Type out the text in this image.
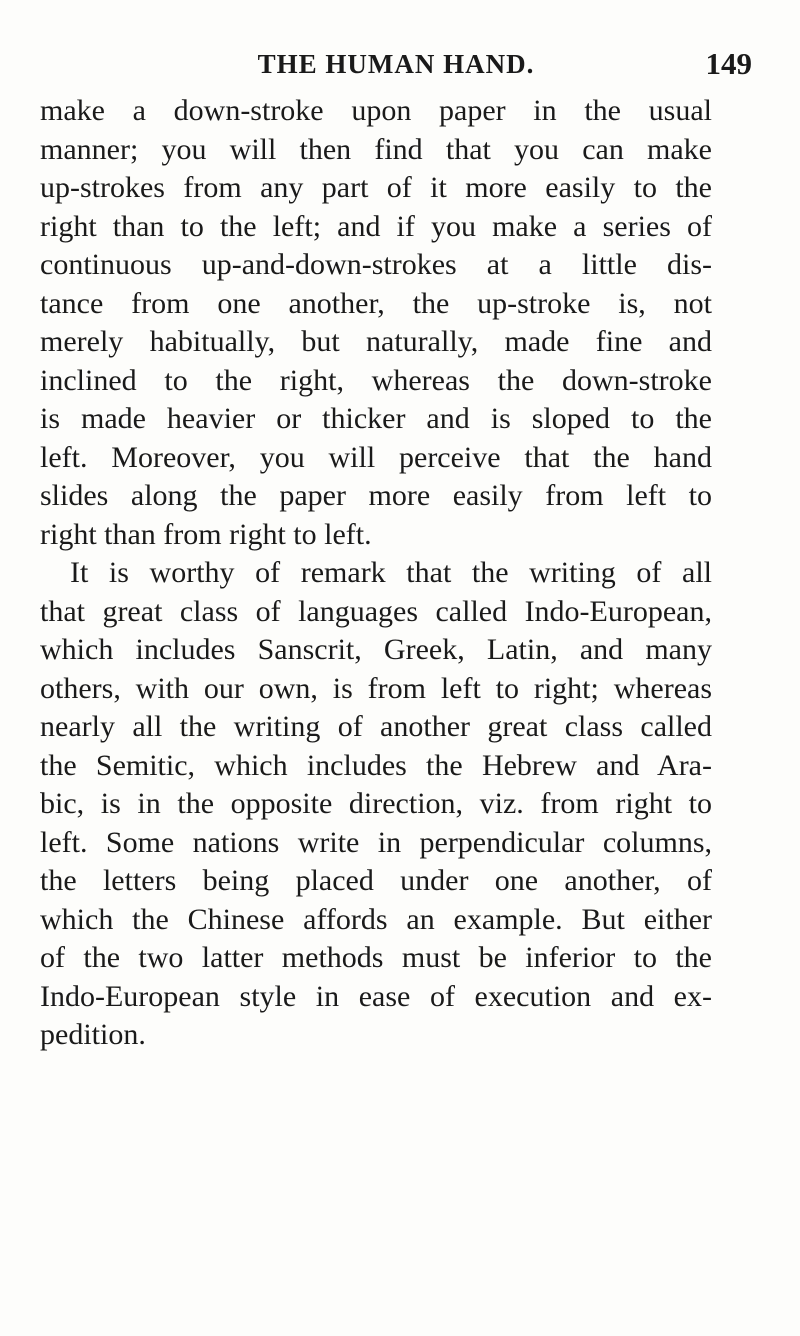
THE HUMAN HAND.	149
make a down-stroke upon paper in the usual
manner; you will then find that you can make
up-strokes from any part of it more easily to the
right than to the left; and if you make a series of
continuous up-and-down-strokes at a little dis-
tance from one another, the up-stroke is, not
merely habitually, but naturally, made fine and
inclined to the right, whereas the down-stroke
is made heavier or thicker and is sloped to the
left. Moreover, you will perceive that the hand
slides along the paper more easily from left to
right than from right to left.
It is worthy of remark that the writing of all
that great class of languages called Indo-European,
which includes Sanscrit, Greek, Latin, and many
others, with our own, is from left to right; whereas
nearly all the writing of another great class called
the Semitic, which includes the Hebrew and Ara-
bic, is in the opposite direction, viz. from right to
left. Some nations write in perpendicular columns,
the letters being placed under one another, of
which the Chinese affords an example. But either
of the two latter methods must be inferior to the
Indo-European style in ease of execution and ex-
pedition.
